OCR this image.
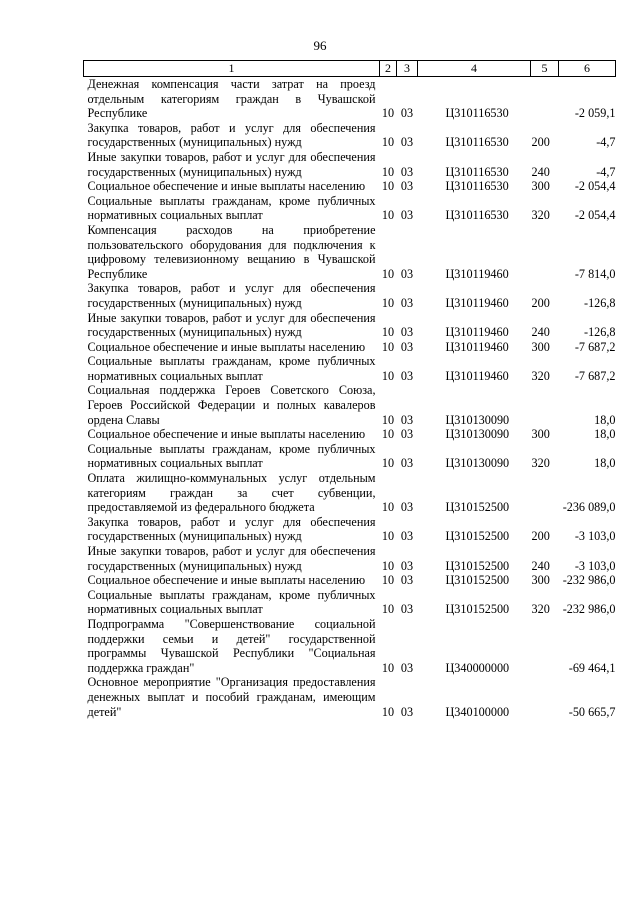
96
1	2	3	4	5	6
Денежная компенсация части затрат на проезд отдельным категориям граждан в Чувашской Республике	10	03	Ц310116530		-2 059,1
Закупка товаров, работ и услуг для обеспечения государственных (муниципальных) нужд	10	03	Ц310116530	200	-4,7
Иные закупки товаров, работ и услуг для обеспечения государственных (муниципальных) нужд	10	03	Ц310116530	240	-4,7
Социальное обеспечение и иные выплаты населению	10	03	Ц310116530	300	-2 054,4
Социальные выплаты гражданам, кроме публичных нормативных социальных выплат	10	03	Ц310116530	320	-2 054,4
Компенсация расходов на приобретение пользовательского оборудования для подключения к цифровому телевизионному вещанию в Чувашской Республике	10	03	Ц310119460		-7 814,0
Закупка товаров, работ и услуг для обеспечения государственных (муниципальных) нужд	10	03	Ц310119460	200	-126,8
Иные закупки товаров, работ и услуг для обеспечения государственных (муниципальных) нужд	10	03	Ц310119460	240	-126,8
Социальное обеспечение и иные выплаты населению	10	03	Ц310119460	300	-7 687,2
Социальные выплаты гражданам, кроме публичных нормативных социальных выплат	10	03	Ц310119460	320	-7 687,2
Социальная поддержка Героев Советского Союза, Героев Российской Федерации и полных кавалеров ордена Славы	10	03	Ц310130090		18,0
Социальное обеспечение и иные выплаты населению	10	03	Ц310130090	300	18,0
Социальные выплаты гражданам, кроме публичных нормативных социальных выплат	10	03	Ц310130090	320	18,0
Оплата жилищно-коммунальных услуг отдельным категориям граждан за счет субвенции, предоставляемой из федерального бюджета	10	03	Ц310152500		-236 089,0
Закупка товаров, работ и услуг для обеспечения государственных (муниципальных) нужд	10	03	Ц310152500	200	-3 103,0
Иные закупки товаров, работ и услуг для обеспечения государственных (муниципальных) нужд	10	03	Ц310152500	240	-3 103,0
Социальное обеспечение и иные выплаты населению	10	03	Ц310152500	300	-232 986,0
Социальные выплаты гражданам, кроме публичных нормативных социальных выплат	10	03	Ц310152500	320	-232 986,0
Подпрограмма "Совершенствование социальной поддержки семьи и детей" государственной программы Чувашской Республики "Социальная поддержка граждан"	10	03	Ц340000000		-69 464,1
Основное мероприятие "Организация предоставления денежных выплат и пособий гражданам, имеющим детей"	10	03	Ц340100000		-50 665,7
